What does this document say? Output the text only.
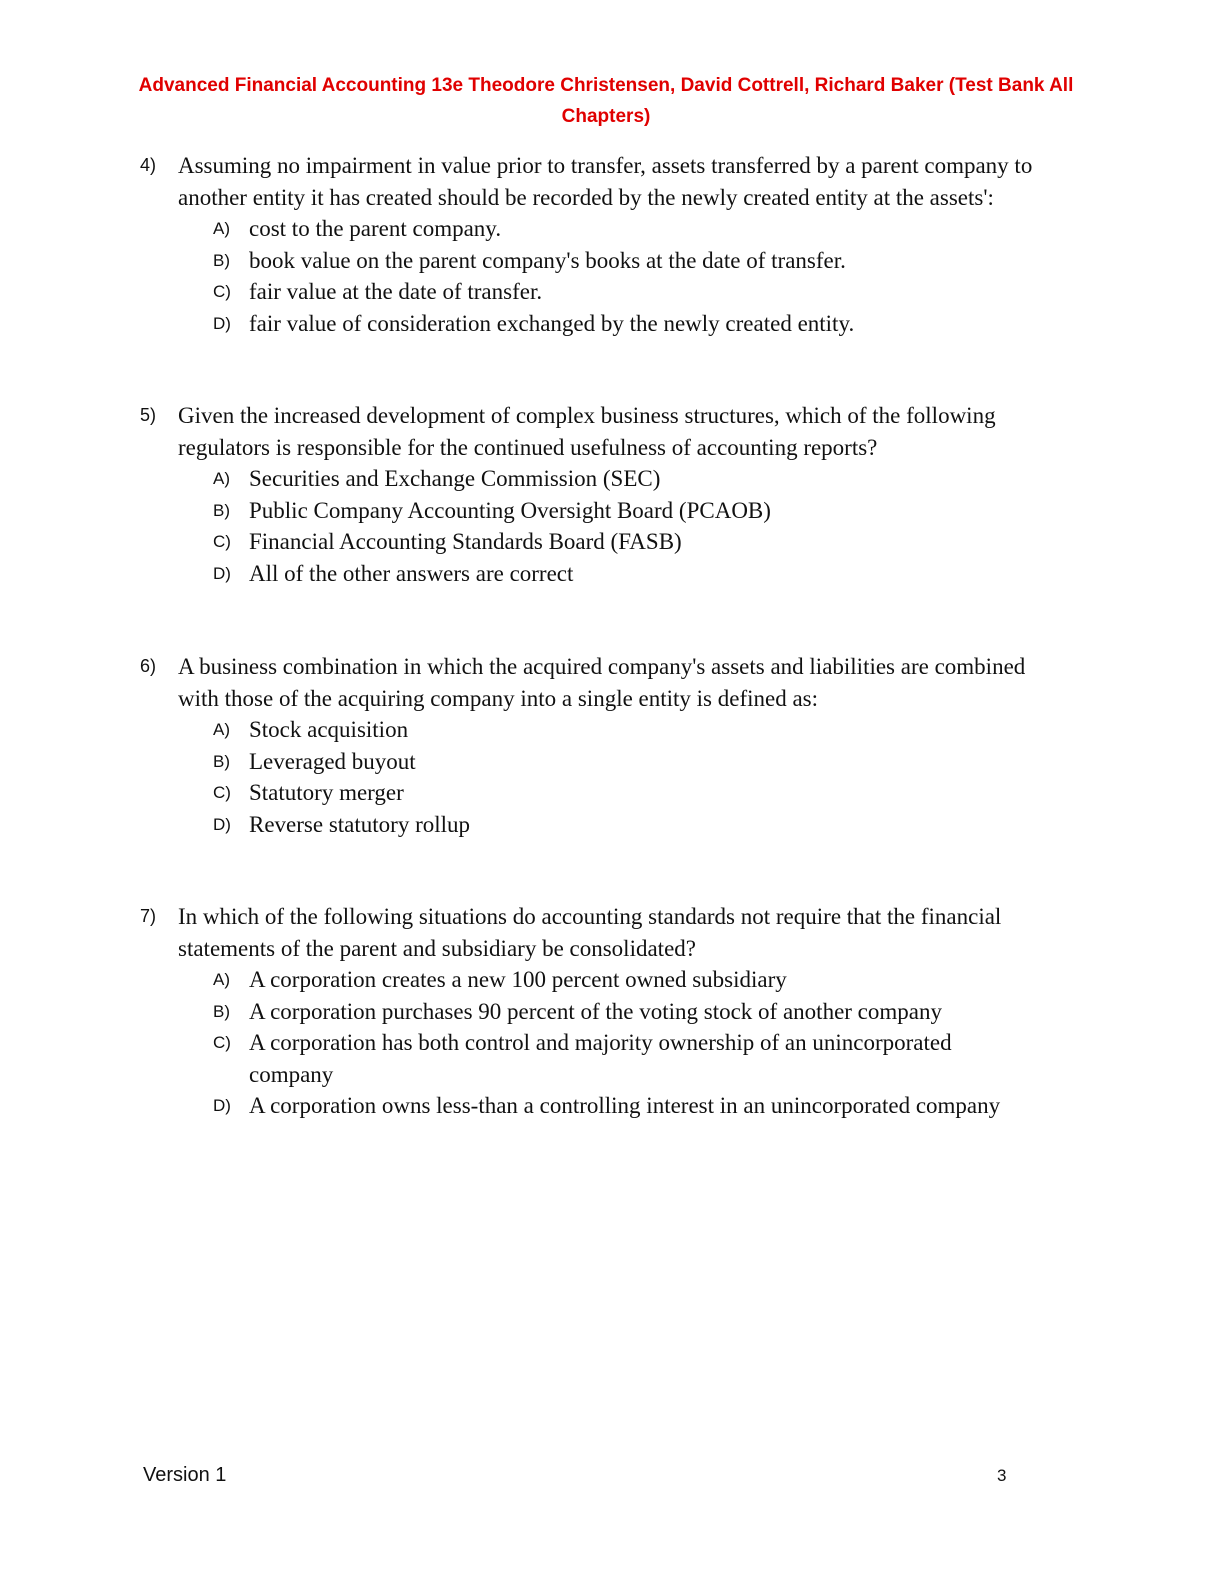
Advanced Financial Accounting 13e Theodore Christensen, David Cottrell, Richard Baker (Test Bank All Chapters)
4) Assuming no impairment in value prior to transfer, assets transferred by a parent company to another entity it has created should be recorded by the newly created entity at the assets':
A) cost to the parent company.
B) book value on the parent company's books at the date of transfer.
C) fair value at the date of transfer.
D) fair value of consideration exchanged by the newly created entity.
5) Given the increased development of complex business structures, which of the following regulators is responsible for the continued usefulness of accounting reports?
A) Securities and Exchange Commission (SEC)
B) Public Company Accounting Oversight Board (PCAOB)
C) Financial Accounting Standards Board (FASB)
D) All of the other answers are correct
6) A business combination in which the acquired company's assets and liabilities are combined with those of the acquiring company into a single entity is defined as:
A) Stock acquisition
B) Leveraged buyout
C) Statutory merger
D) Reverse statutory rollup
7) In which of the following situations do accounting standards not require that the financial statements of the parent and subsidiary be consolidated?
A) A corporation creates a new 100 percent owned subsidiary
B) A corporation purchases 90 percent of the voting stock of another company
C) A corporation has both control and majority ownership of an unincorporated company
D) A corporation owns less-than a controlling interest in an unincorporated company
Version 1	3
